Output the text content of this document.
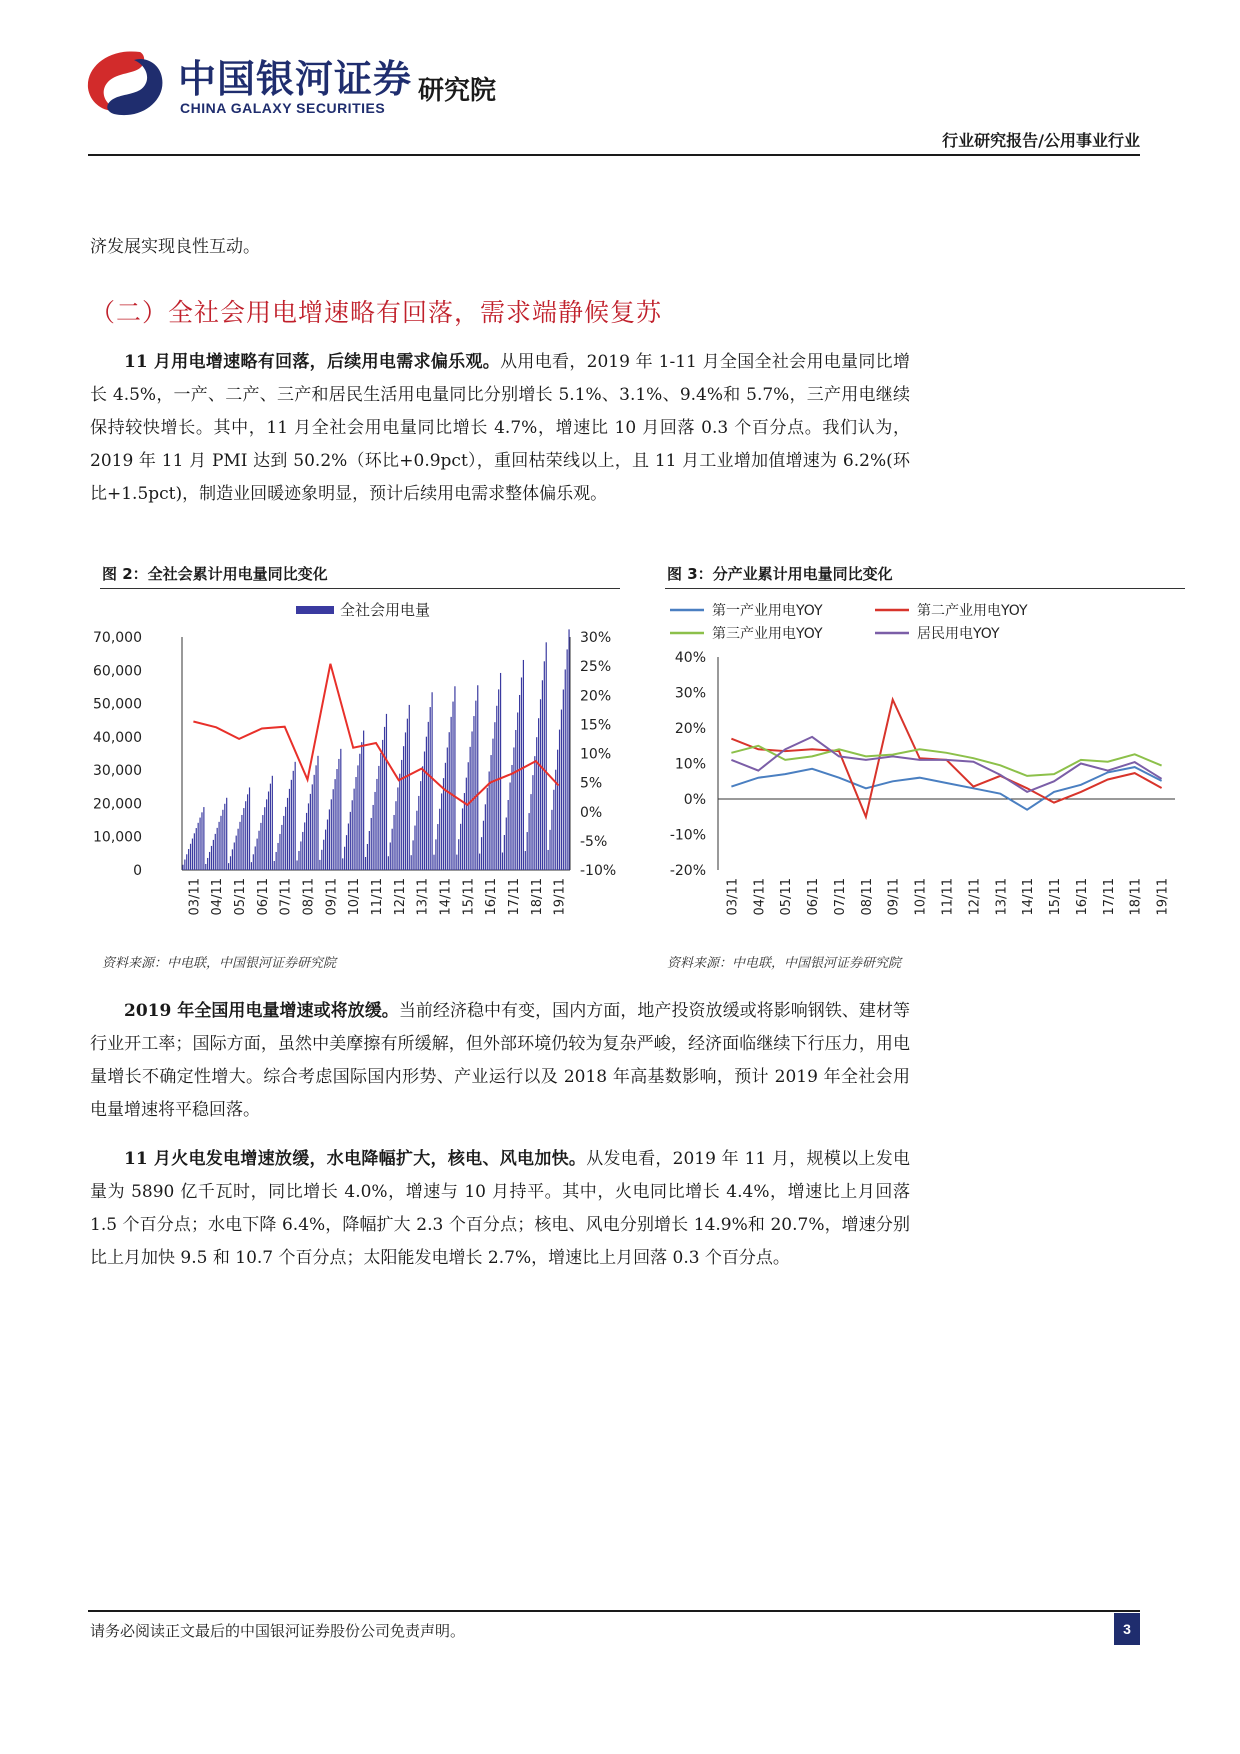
中国银河证券
CHINA GALAXY SECURITIES
研究院
行业研究报告/公用事业行业
济发展实现良性互动。
（二）全社会用电增速略有回落，需求端静候复苏
11 月用电增速略有回落，后续用电需求偏乐观。从用电看，2019 年 1-11 月全国全社会用电量同比增长 4.5%，一产、二产、三产和居民生活用电量同比分别增长 5.1%、3.1%、9.4%和 5.7%，三产用电继续保持较快增长。其中，11 月全社会用电量同比增长 4.7%，增速比 10 月回落 0.3 个百分点。我们认为，2019 年 11 月 PMI 达到 50.2%（环比+0.9pct），重回枯荣线以上，且 11 月工业增加值增速为 6.2%(环比+1.5pct)，制造业回暖迹象明显，预计后续用电需求整体偏乐观。
图 2：全社会累计用电量同比变化
全社会用电量
70,000
60,000
50,000
40,000
30,000
20,000
10,000
0
30%
25%
20%
15%
10%
5%
0%
-5%
-10%
03/11 04/11 05/11 06/11 07/11 08/11 09/11 10/11 11/11 12/11 13/11 14/11 15/11 16/11 17/11 18/11 19/11
资料来源：中电联，中国银河证券研究院
图 3：分产业累计用电量同比变化
第一产业用电YOY	第二产业用电YOY
第三产业用电YOY	居民用电YOY
40%
30%
20%
10%
0%
-10%
-20%
03/11 04/11 05/11 06/11 07/11 08/11 09/11 10/11 11/11 12/11 13/11 14/11 15/11 16/11 17/11 18/11 19/11
资料来源：中电联，中国银河证券研究院
2019 年全国用电量增速或将放缓。当前经济稳中有变，国内方面，地产投资放缓或将影响钢铁、建材等行业开工率；国际方面，虽然中美摩擦有所缓解，但外部环境仍较为复杂严峻，经济面临继续下行压力，用电量增长不确定性增大。综合考虑国际国内形势、产业运行以及 2018 年高基数影响，预计 2019 年全社会用电量增速将平稳回落。
11 月火电发电增速放缓，水电降幅扩大，核电、风电加快。从发电看，2019 年 11 月，规模以上发电量为 5890 亿千瓦时，同比增长 4.0%，增速与 10 月持平。其中，火电同比增长 4.4%，增速比上月回落 1.5 个百分点；水电下降 6.4%，降幅扩大 2.3 个百分点；核电、风电分别增长 14.9%和 20.7%，增速分别比上月加快 9.5 和 10.7 个百分点；太阳能发电增长 2.7%，增速比上月回落 0.3 个百分点。
请务必阅读正文最后的中国银河证券股份公司免责声明。	3
